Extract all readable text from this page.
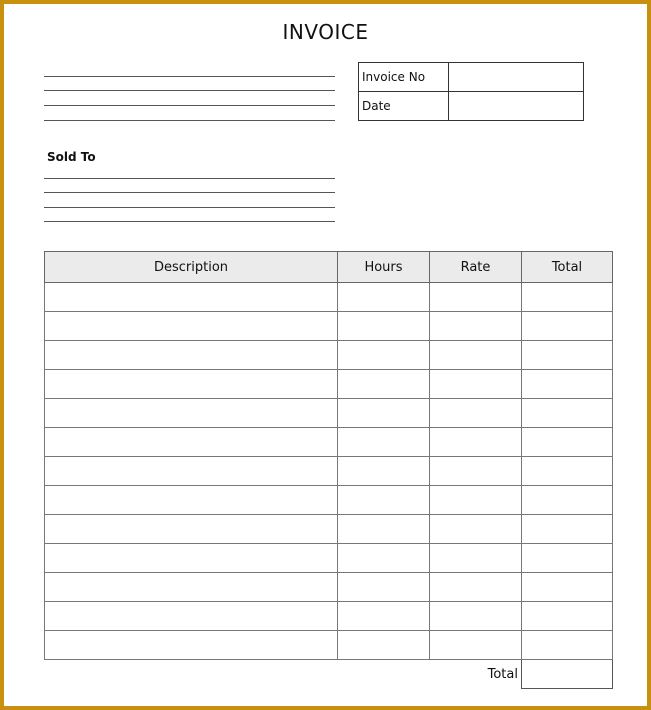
INVOICE
Invoice No	
Date	
Sold To
Description	Hours	Rate	Total

		Total	
